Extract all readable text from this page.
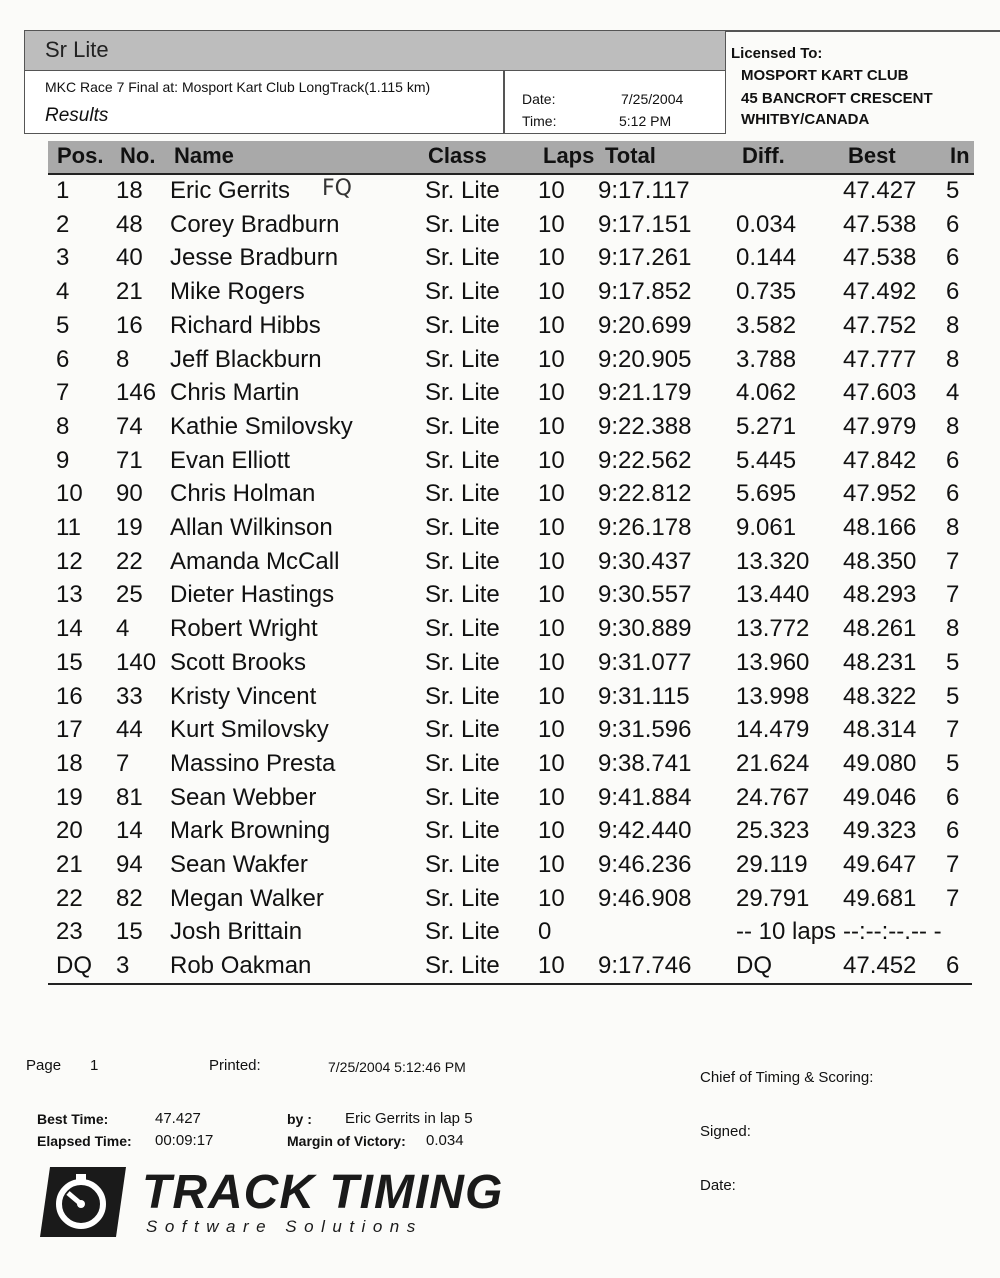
Sr Lite
MKC Race 7 Final at: Mosport Kart Club LongTrack(1.115 km)
Results
Date:	7/25/2004
Time:	5:12 PM
Licensed To:
MOSPORT KART CLUB
45 BANCROFT CRESCENT
WHITBY/CANADA
Pos. No. Name	Class	Laps Total	Diff.	Best In
1 18 Eric Gerrits	Sr. Lite 10 9:17.117	47.427 5
2 48 Corey Bradburn	Sr. Lite 10 9:17.151 0.034 47.538 6
3 40 Jesse Bradburn	Sr. Lite 10 9:17.261 0.144 47.538 6
4 21 Mike Rogers	Sr. Lite 10 9:17.852 0.735 47.492 6
5 16 Richard Hibbs	Sr. Lite 10 9:20.699 3.582 47.752 8
6 8 Jeff Blackburn	Sr. Lite 10 9:20.905 3.788 47.777 8
7 146 Chris Martin	Sr. Lite 10 9:21.179 4.062 47.603 4
8 74 Kathie Smilovsky	Sr. Lite 10 9:22.388 5.271 47.979 8
9 71 Evan Elliott	Sr. Lite 10 9:22.562 5.445 47.842 6
10 90 Chris Holman	Sr. Lite 10 9:22.812 5.695 47.952 6
11 19 Allan Wilkinson	Sr. Lite 10 9:26.178 9.061 48.166 8
12 22 Amanda McCall	Sr. Lite 10 9:30.437 13.320 48.350 7
13 25 Dieter Hastings	Sr. Lite 10 9:30.557 13.440 48.293 7
14 4 Robert Wright	Sr. Lite 10 9:30.889 13.772 48.261 8
15 140 Scott Brooks	Sr. Lite 10 9:31.077 13.960 48.231 5
16 33 Kristy Vincent	Sr. Lite 10 9:31.115 13.998 48.322 5
17 44 Kurt Smilovsky	Sr. Lite 10 9:31.596 14.479 48.314 7
18 7 Massino Presta	Sr. Lite 10 9:38.741 21.624 49.080 5
19 81 Sean Webber	Sr. Lite 10 9:41.884 24.767 49.046 6
20 14 Mark Browning	Sr. Lite 10 9:42.440 25.323 49.323 6
21 94 Sean Wakfer	Sr. Lite 10 9:46.236 29.119 49.647 7
22 82 Megan Walker	Sr. Lite 10 9:46.908 29.791 49.681 7
23 15 Josh Brittain	Sr. Lite 0	-- 10 laps --:--:--.-- -
DQ 3 Rob Oakman	Sr. Lite 10 9:17.746 DQ	47.452 6
FQ
Page 1	Printed:	7/25/2004 5:12:46 PM
Chief of Timing & Scoring:
Best Time:	47.427	by : Eric Gerrits in lap 5
Elapsed Time: 00:09:17	Margin of Victory: 0.034
Signed:
Date:
TRACK TIMING
Software Solutions
